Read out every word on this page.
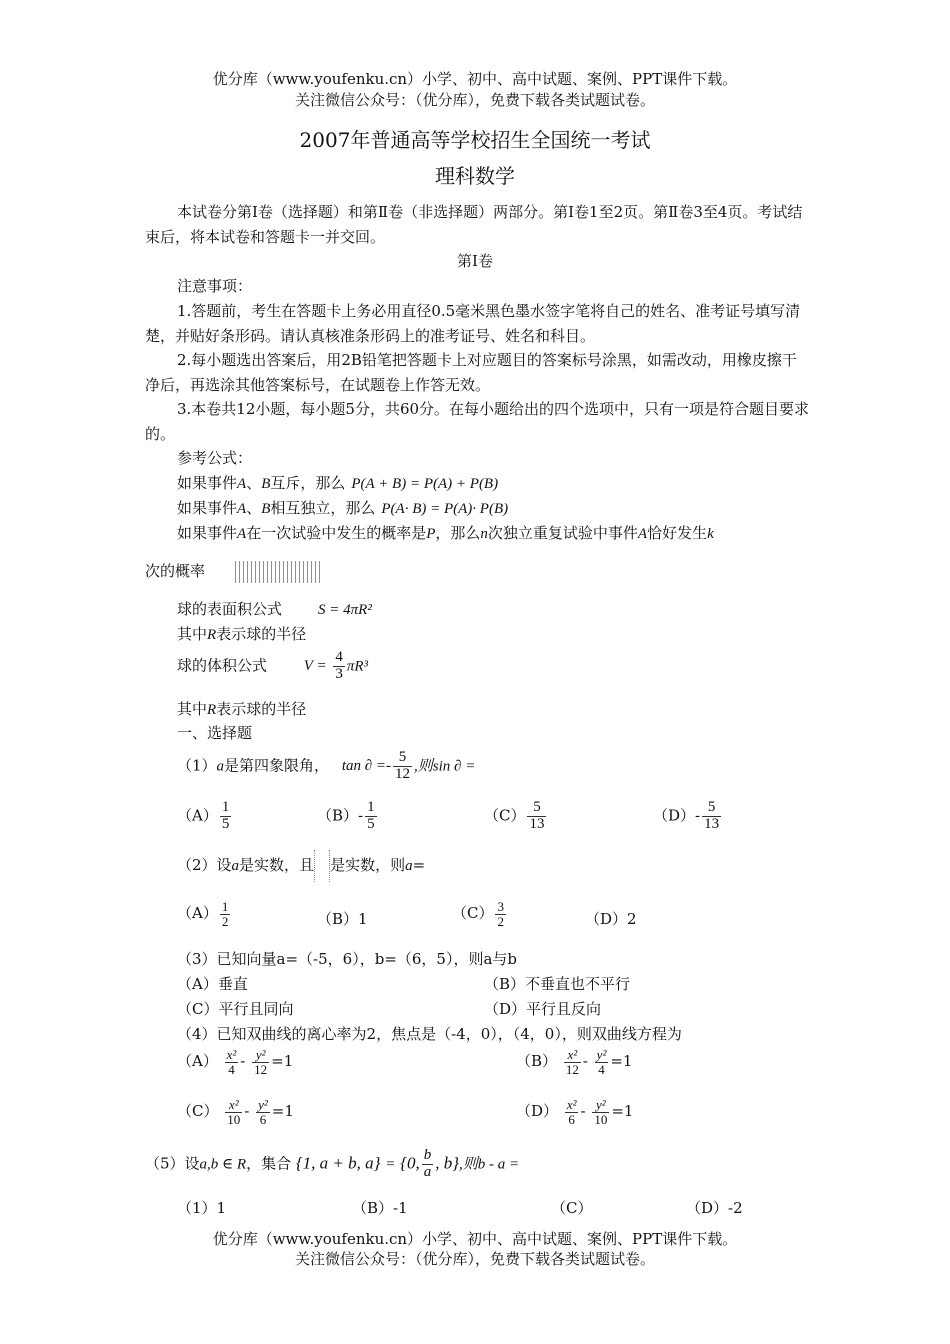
优分库（www.youfenku.cn）小学、初中、高中试题、案例、PPT课件下载。
关注微信公众号：（优分库），免费下载各类试题试卷。
2007年普通高等学校招生全国统一考试
理科数学
本试卷分第Ⅰ卷（选择题）和第Ⅱ卷（非选择题）两部分。第Ⅰ卷1至2页。第Ⅱ卷3至4页。考试结束后，将本试卷和答题卡一并交回。
第Ⅰ卷
注意事项：
1.答题前，考生在答题卡上务必用直径0.5毫米黑色墨水签字笔将自己的姓名、准考证号填写清楚，并贴好条形码。请认真核准条形码上的准考证号、姓名和科目。
2.每小题选出答案后，用2B铅笔把答题卡上对应题目的答案标号涂黑，如需改动，用橡皮擦干净后，再选涂其他答案标号，在试题卷上作答无效。
3.本卷共12小题，每小题5分，共60分。在每小题给出的四个选项中，只有一项是符合题目要求的。
参考公式：
如果事件A、B互斥，那么 P(A + B) = P(A) + P(B)
如果事件A、B相互独立，那么 P(A· B) = P(A)· P(B)
如果事件A在一次试验中发生的概率是P，那么n次独立重复试验中事件A恰好发生k
次的概率
球的表面积公式 S = 4πR²
其中R表示球的半径
球的体积公式 $V = \frac{4}{3} \pi R^3$
其中R表示球的半径
一、选择题
（1）a是第四象限角， tan ∂ =- $\frac{5}{12}$ ,则sin ∂ =
$(A) \frac{1}{5}$	$(B)- \frac{1}{5}$	$(C) \frac{5}{13}$	$(D)- \frac{5}{13}$
（2）设a是实数，且 是实数，则a=
$(A) \frac{1}{2}$	（B）1	$(C) \frac{3}{2}$	（D）2
（3）已知向量a=（-5，6），b=（6，5），则a与b
（A）垂直	（B）不垂直也不平行
（C）平行且同向	（D）平行且反向
（4）已知双曲线的离心率为2，焦点是（-4，0），（4，0），则双曲线方程为
$(A) \frac{\text{x²}}{4} - \frac{\text{y²}}{12} =1$	$(B) \frac{\text{x²}}{12} - \frac{\text{y²}}{4} =1$
$(C) \frac{\text{x²}}{10} - \frac{\text{y²}}{6} =1$	$(D) \frac{\text{x²}}{6} - \frac{\text{y²}}{10} =1$
（5）设a,b ∈ R，集合 {1, a + b, a} = {0, $\frac{b}{a}$ , b},则b - a =
（1）1	（B）-1	（C）	（D）-2
优分库（www.youfenku.cn）小学、初中、高中试题、案例、PPT课件下载。
关注微信公众号：（优分库），免费下载各类试题试卷。
